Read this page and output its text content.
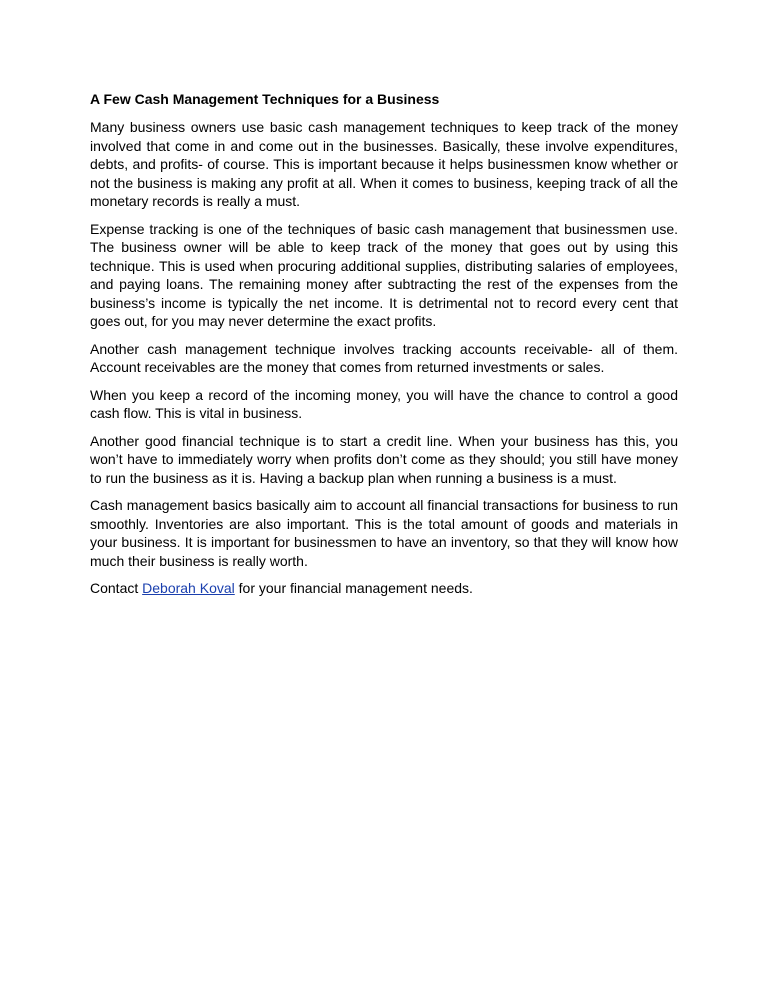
A Few Cash Management Techniques for a Business

Many business owners use basic cash management techniques to keep track of the money involved that come in and come out in the businesses. Basically, these involve expenditures, debts, and profits- of course. This is important because it helps businessmen know whether or not the business is making any profit at all. When it comes to business, keeping track of all the monetary records is really a must.

Expense tracking is one of the techniques of basic cash management that businessmen use. The business owner will be able to keep track of the money that goes out by using this technique. This is used when procuring additional supplies, distributing salaries of employees, and paying loans. The remaining money after subtracting the rest of the expenses from the business’s income is typically the net income. It is detrimental not to record every cent that goes out, for you may never determine the exact profits.

Another cash management technique involves tracking accounts receivable- all of them. Account receivables are the money that comes from returned investments or sales.

When you keep a record of the incoming money, you will have the chance to control a good cash flow. This is vital in business.

Another good financial technique is to start a credit line. When your business has this, you won’t have to immediately worry when profits don’t come as they should; you still have money to run the business as it is. Having a backup plan when running a business is a must.

Cash management basics basically aim to account all financial transactions for business to run smoothly. Inventories are also important. This is the total amount of goods and materials in your business. It is important for businessmen to have an inventory, so that they will know how much their business is really worth.

Contact Deborah Koval for your financial management needs.
